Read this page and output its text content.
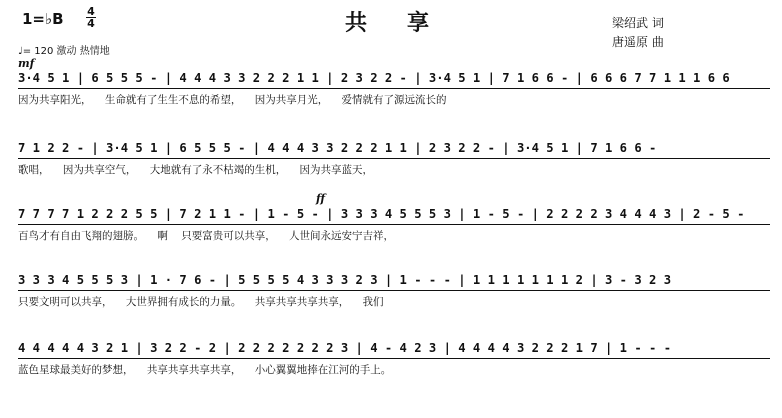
1=♭B 4
4	共享	梁绍武 词
唐遥原 曲
♩= 120 激动 热情地
mf
ff
3·4 5 1 | 6 5 5 5 - | 4 4 4 3 3 2 2 2 1 1 | 2 3 2 2 - | 3·4 5 1 | 7 1 6 6 - | 6 6 6 7 7 1 1 1 6 6
因为共享阳光，    生命就有了生生不息的希望，    因为共享月光，    爱情就有了源远流长的
7 1 2 2 - | 3·4 5 1 | 6 5 5 5 - | 4 4 4 3 3 2 2 2 1 1 | 2 3 2 2 - | 3·4 5 1 | 7 1 6 6 -
歌唱，    因为共享空气，    大地就有了永不枯竭的生机，    因为共享蓝天，
7 7 7 7 1 2 2 2 5 5 | 7 2 1 1 - | 1 - 5 - | 3 3 3 4 5 5 5 3 | 1 - 5 - | 2 2 2 2 3 4 4 4 3 | 2 - 5 -
百鸟才有自由飞翔的翅膀。    啊    只要富贵可以共享，    人世间永远安宁吉祥，
3 3 3 4 5 5 5 3 | 1 · 7 6 - | 5 5 5 5 4 3 3 3 2 3 | 1 - - - | 1 1 1 1 1 1 1 2 | 3 - 3 2 3
只要文明可以共享，    大世界拥有成长的力量。    共享共享共享共享，    我们
4 4 4 4 4 3 2 1 | 3 2 2 - 2 | 2 2 2 2 2 2 2 3 | 4 - 4 2 3 | 4 4 4 4 3 2 2 2 1 7 | 1 - - -
蓝色星球最美好的梦想，    共享共享共享共享，    小心翼翼地捧在江河的手上。
